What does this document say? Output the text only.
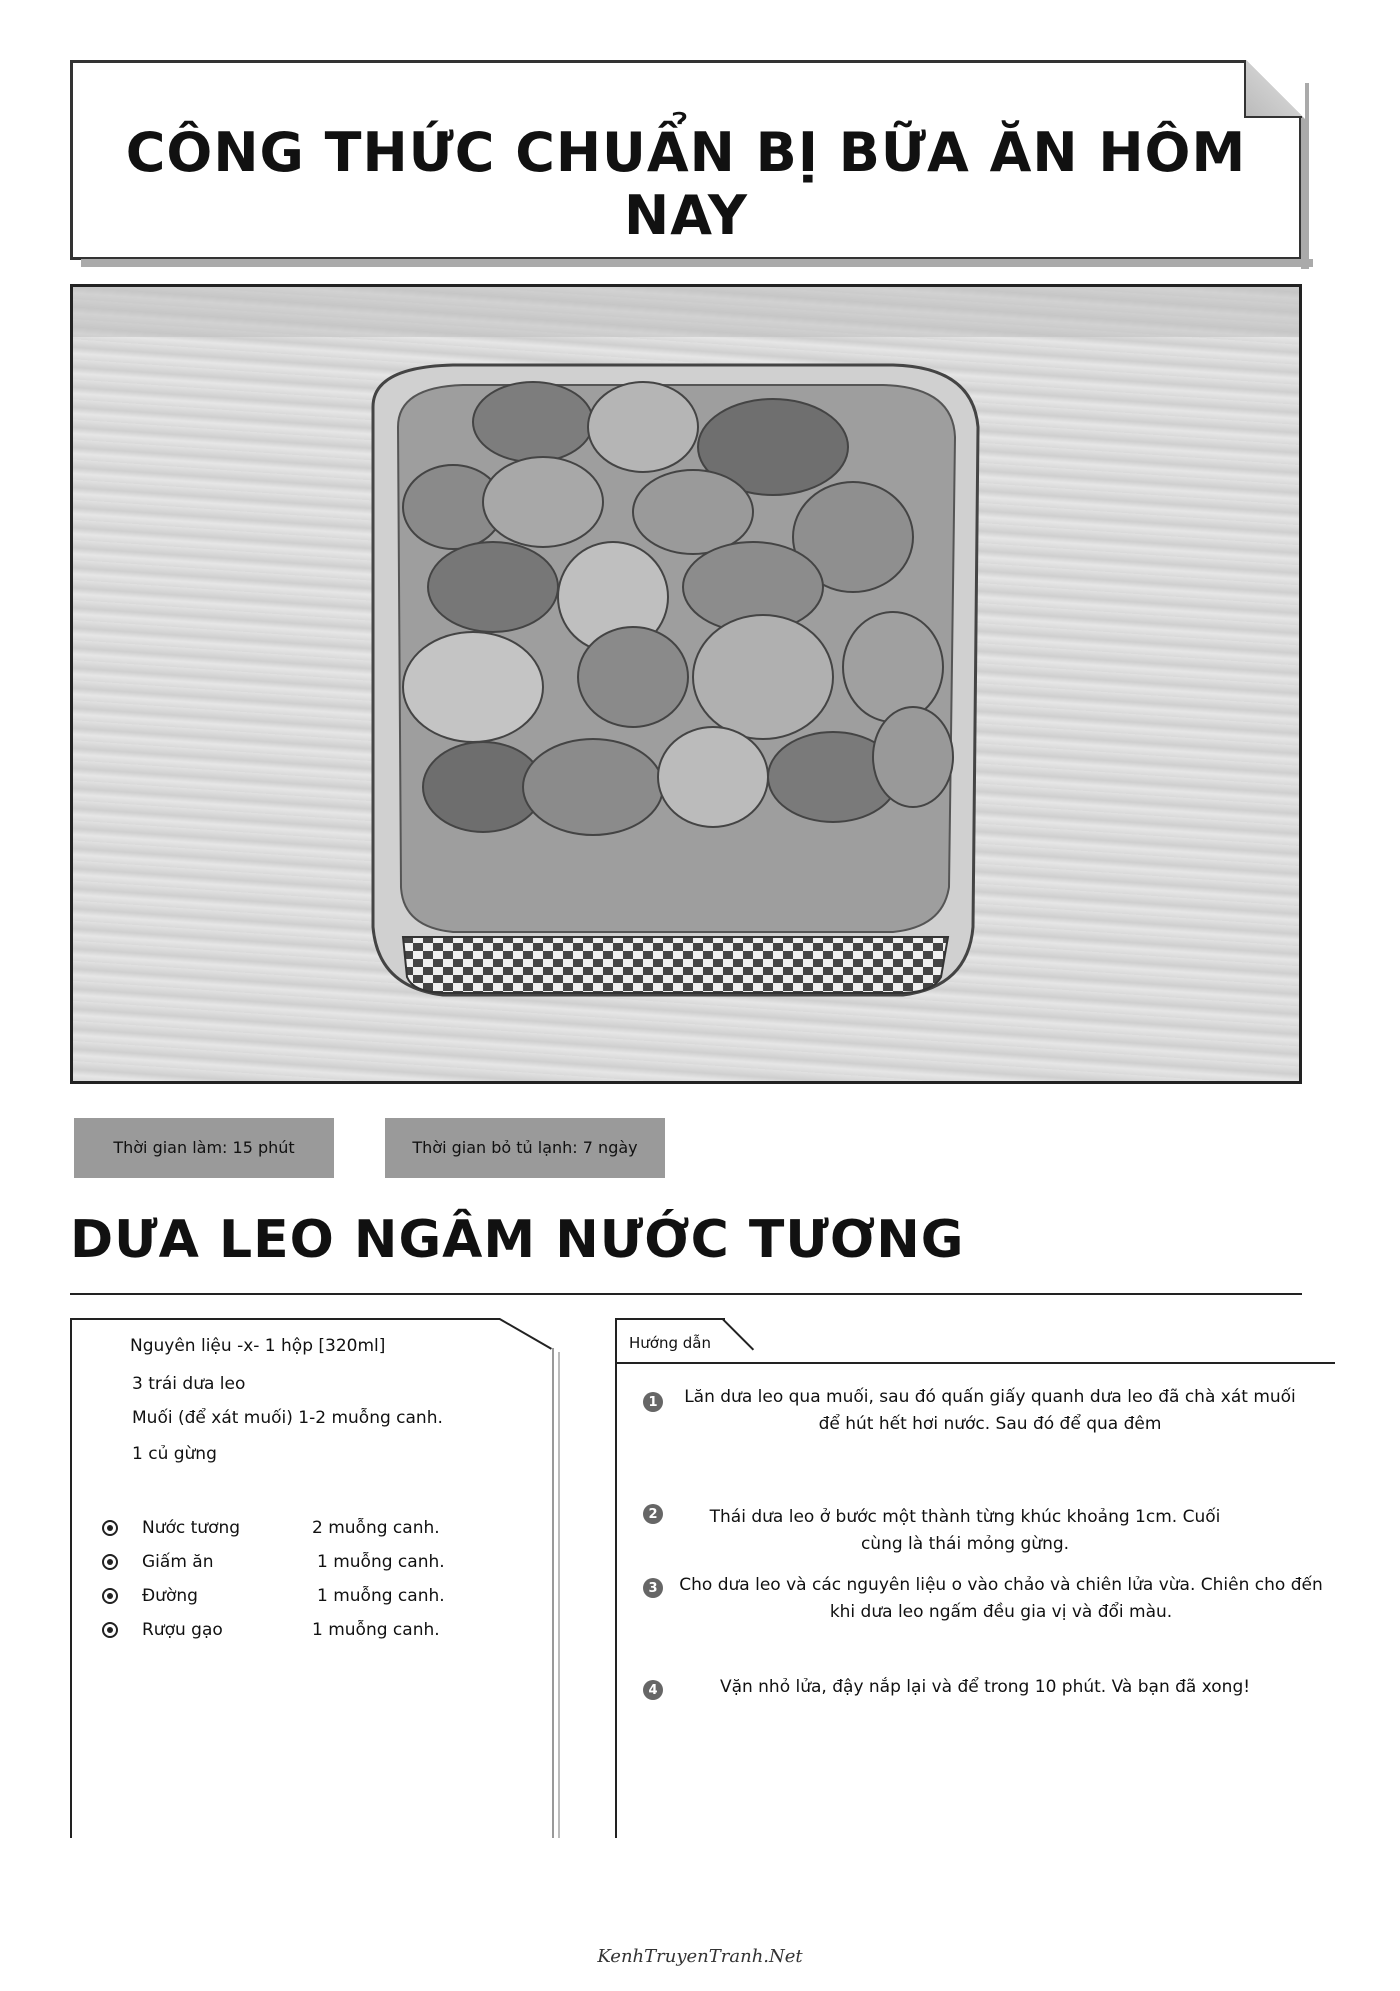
CÔNG THỨC CHUẨN BỊ BỮA ĂN HÔM NAY
Thời gian làm: 15 phút	Thời gian bỏ tủ lạnh: 7 ngày
DƯA LEO NGÂM NƯỚC TƯƠNG
Nguyên liệu -x- 1 hộp [320ml]
3 trái dưa leo
Muối (để xát muối) 1-2 muỗng canh.
1 củ gừng
Nước tương	2 muỗng canh.
Giấm ăn	1 muỗng canh.
Đường	1 muỗng canh.
Rượu gạo	1 muỗng canh.
Hướng dẫn
1	Lăn dưa leo qua muối, sau đó quấn giấy quanh dưa leo đã chà xát muối để hút hết hơi nước. Sau đó để qua đêm
2	Thái dưa leo ở bước một thành từng khúc khoảng 1cm. Cuối cùng là thái mỏng gừng.
3	Cho dưa leo và các nguyên liệu o vào chảo và chiên lửa vừa. Chiên cho đến khi dưa leo ngấm đều gia vị và đổi màu.
4	Vặn nhỏ lửa, đậy nắp lại và để trong 10 phút. Và bạn đã xong!
KenhTruyenTranh.Net
